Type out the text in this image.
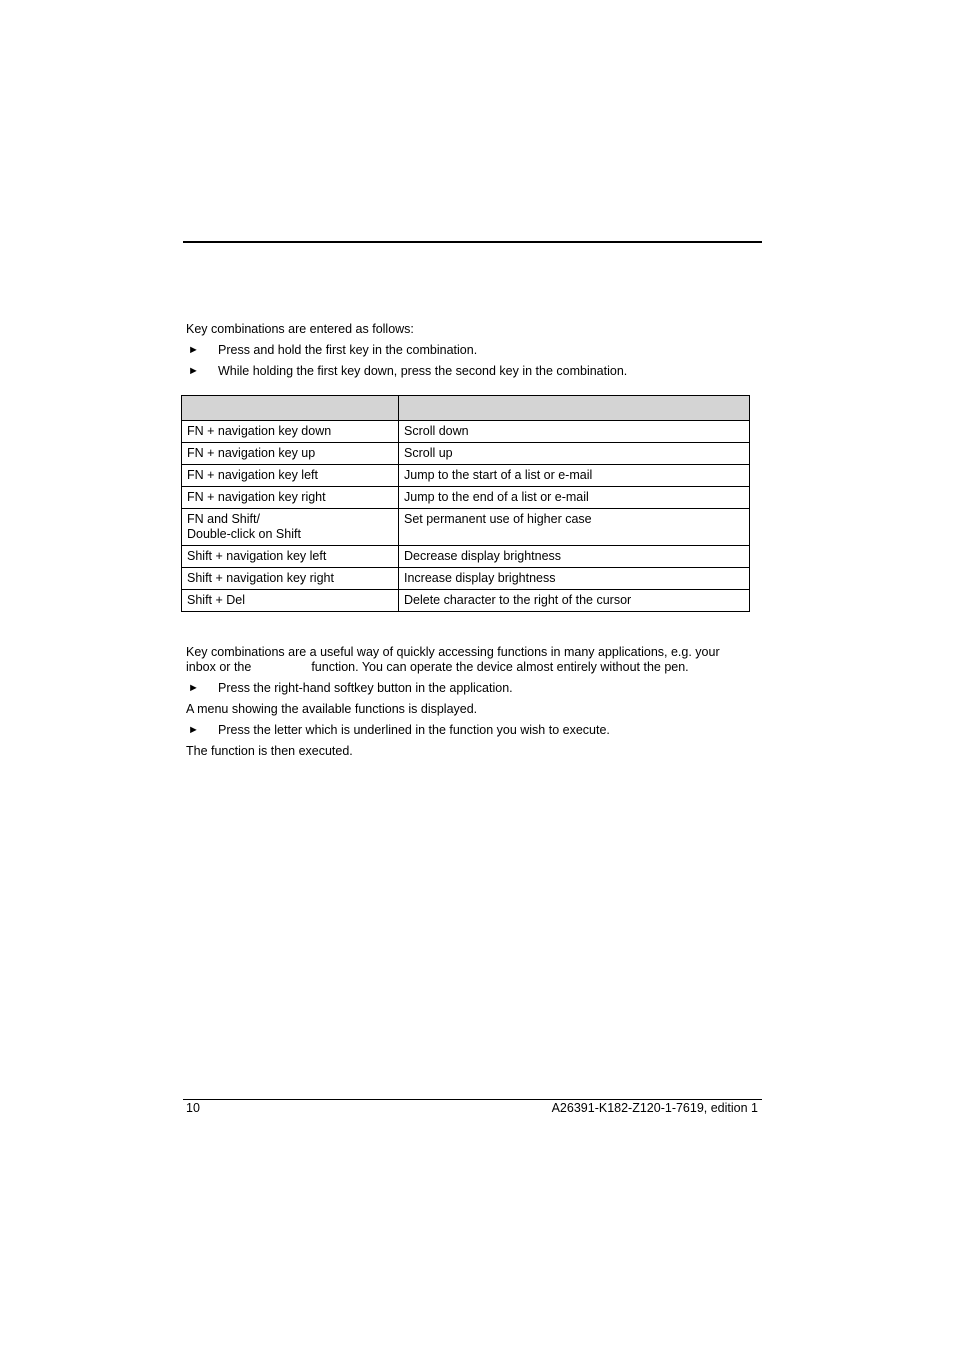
Key combinations are entered as follows:

► Press and hold the first key in the combination.
► While holding the first key down, press the second key in the combination.

FN + navigation key down	Scroll down
FN + navigation key up	Scroll up
FN + navigation key left	Jump to the start of a list or e-mail
FN + navigation key right	Jump to the end of a list or e-mail
FN and Shift/
Double-click on Shift	Set permanent use of higher case
Shift + navigation key left	Decrease display brightness
Shift + navigation key right	Increase display brightness
Shift + Del	Delete character to the right of the cursor

Key combinations are a useful way of quickly accessing functions in many applications, e.g. your inbox or the	function. You can operate the device almost entirely without the pen.

► Press the right-hand softkey button in the application.

A menu showing the available functions is displayed.

► Press the letter which is underlined in the function you wish to execute.

The function is then executed.

10	A26391-K182-Z120-1-7619, edition 1
